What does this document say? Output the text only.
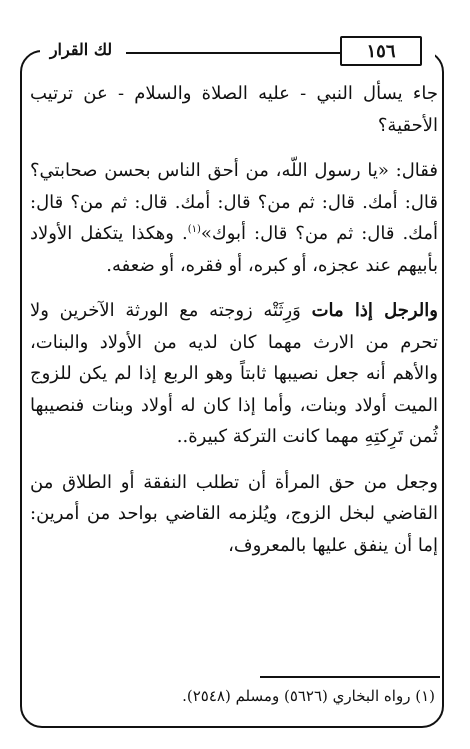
لك القرار	١٥٦

جاء يسأل النبي - عليه الصلاة والسلام - عن ترتيب الأحقية؟

فقال: «يا رسول اللّه، من أحق الناس بحسن صحابتي؟ قال: أمك. قال: ثم من؟ قال: أمك. قال: ثم من؟ قال: أمك. قال: ثم من؟ قال: أبوك»$^{(١)}$. وهكذا يتكفل الأولاد بأبيهم عند عجزه، أو كبره، أو فقره، أو ضعفه.

والرجل إذا مات وَرِثَتْه زوجته مع الورثة الآخرين ولا تحرم من الارث مهما كان لديه من الأولاد والبنات، والأهم أنه جعل نصيبها ثابتاً وهو الربع إذا لم يكن للزوج الميت أولاد وبنات، وأما إذا كان له أولاد وبنات فنصيبها ثُمن تَرِكتِهِ مهما كانت التركة كبيرة..

وجعل من حق المرأة أن تطلب النفقة أو الطلاق من القاضي لبخل الزوج، ويُلزمه القاضي بواحد من أمرين: إما أن ينفق عليها بالمعروف،

(١) رواه البخاري (٥٦٢٦) ومسلم (٢٥٤٨).
